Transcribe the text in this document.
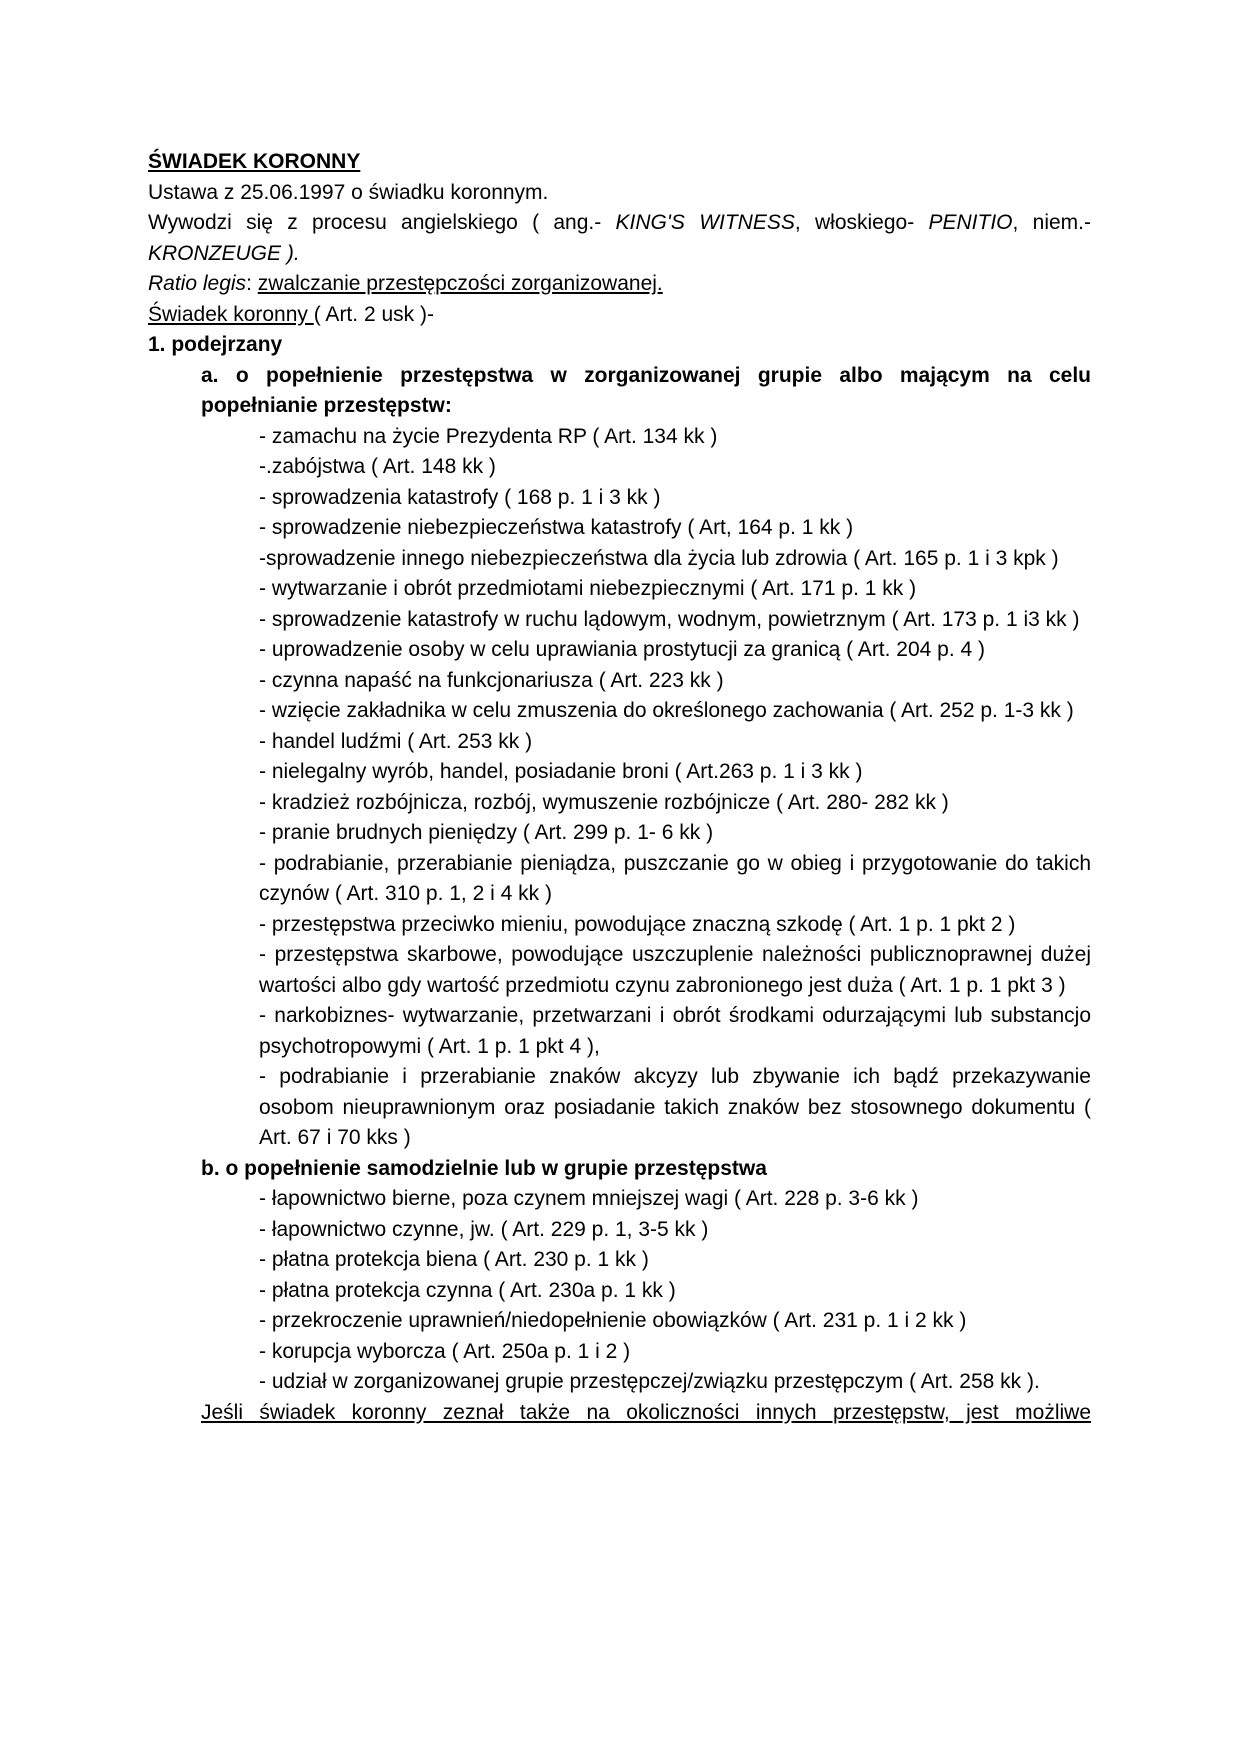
ŚWIADEK KORONNY
Ustawa z 25.06.1997 o świadku koronnym.
Wywodzi się z procesu angielskiego ( ang.- KING'S WITNESS, włoskiego- PENITIO, niem.- KRONZEUGE ).
Ratio legis: zwalczanie przestępczości zorganizowanej.
Świadek koronny ( Art. 2 usk )-
1. podejrzany
a. o popełnienie przestępstwa w zorganizowanej grupie albo mającym na celu popełnianie przestępstw:
- zamachu na życie Prezydenta RP ( Art. 134 kk )
-.zabójstwa ( Art. 148 kk )
- sprowadzenia katastrofy ( 168 p. 1 i 3 kk )
- sprowadzenie niebezpieczeństwa katastrofy ( Art, 164 p. 1 kk )
-sprowadzenie innego niebezpieczeństwa dla życia lub zdrowia ( Art. 165 p. 1 i 3 kpk )
- wytwarzanie i obrót przedmiotami niebezpiecznymi ( Art. 171 p. 1 kk )
- sprowadzenie katastrofy w ruchu lądowym, wodnym, powietrznym ( Art. 173 p. 1 i3 kk )
- uprowadzenie osoby w celu uprawiania prostytucji za granicą ( Art. 204 p. 4 )
- czynna napaść na funkcjonariusza ( Art. 223 kk )
- wzięcie zakładnika w celu zmuszenia do określonego zachowania ( Art. 252 p. 1-3 kk )
- handel ludźmi ( Art. 253 kk )
- nielegalny wyrób, handel, posiadanie broni ( Art.263 p. 1 i 3 kk )
- kradzież rozbójnicza, rozbój, wymuszenie rozbójnicze ( Art. 280- 282 kk )
- pranie brudnych pieniędzy ( Art. 299 p. 1- 6 kk )
- podrabianie, przerabianie pieniądza, puszczanie go w obieg i przygotowanie do takich czynów ( Art. 310 p. 1, 2 i 4 kk )
- przestępstwa przeciwko mieniu, powodujące znaczną szkodę ( Art. 1 p. 1 pkt 2 )
- przestępstwa skarbowe, powodujące uszczuplenie należności publicznoprawnej dużej wartości albo gdy wartość przedmiotu czynu zabronionego jest duża ( Art. 1 p. 1 pkt 3 )
- narkobiznes- wytwarzanie, przetwarzani i obrót środkami odurzającymi lub substancjo psychotropowymi ( Art. 1 p. 1 pkt 4 ),
- podrabianie i przerabianie znaków akcyzy lub zbywanie ich bądź przekazywanie osobom nieuprawnionym oraz posiadanie takich znaków bez stosownego dokumentu ( Art. 67 i 70 kks )
b. o popełnienie samodzielnie lub w grupie przestępstwa
- łapownictwo bierne, poza czynem mniejszej wagi ( Art. 228 p. 3-6 kk )
- łapownictwo czynne, jw. ( Art. 229 p. 1, 3-5 kk )
- płatna protekcja biena ( Art. 230 p. 1 kk )
- płatna protekcja czynna ( Art. 230a p. 1 kk )
- przekroczenie uprawnień/niedopełnienie obowiązków ( Art. 231 p. 1 i 2 kk )
- korupcja wyborcza ( Art. 250a p. 1 i 2 )
- udział w zorganizowanej grupie przestępczej/związku przestępczym ( Art. 258 kk ).
Jeśli świadek koronny zeznał także na okoliczności innych przestępstw, jest możliwe
